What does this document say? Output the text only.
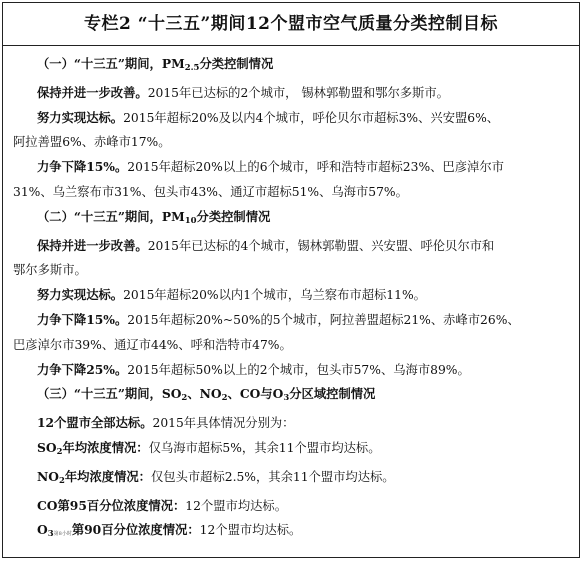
专栏2 “十三五”期间12个盟市空气质量分类控制目标
（一）“十三五”期间，$PM_{2.5}$分类控制情况
保持并进一步改善。2015年已达标的2个城市， 锡林郭勒盟和鄂尔多斯市。
努力实现达标。2015年超标20%及以内4个城市，呼伦贝尔市超标3%、兴安盟6%、
阿拉善盟6%、赤峰市17%。
力争下降15%。2015年超标20%以上的6个城市，呼和浩特市超标23%、巴彦淖尔市
31%、乌兰察布市31%、包头市43%、通辽市超标51%、乌海市57%。
（二）“十三五”期间，$PM_{10}$分类控制情况
保持并进一步改善。2015年已达标的4个城市，锡林郭勒盟、兴安盟、呼伦贝尔市和
鄂尔多斯市。
努力实现达标。2015年超标20%以内1个城市，乌兰察布市超标11%。
力争下降15%。2015年超标20%~50%的5个城市，阿拉善盟超标21%、赤峰市26%、
巴彦淖尔市39%、通辽市44%、呼和浩特市47%。
力争下降25%。2015年超标50%以上的2个城市，包头市57%、乌海市89%。
（三）“十三五”期间，$SO_2$、$NO_2$、CO与$O_3$分区域控制情况
12个盟市全部达标。2015年具体情况分别为：
$SO_2$年均浓度情况：仅乌海市超标5%，其余11个盟市均达标。
$NO_2$年均浓度情况：仅包头市超标2.5%，其余11个盟市均达标。
CO第95百分位浓度情况：12个盟市均达标。
$O_3$第8小时第90百分位浓度情况：12个盟市均达标。
